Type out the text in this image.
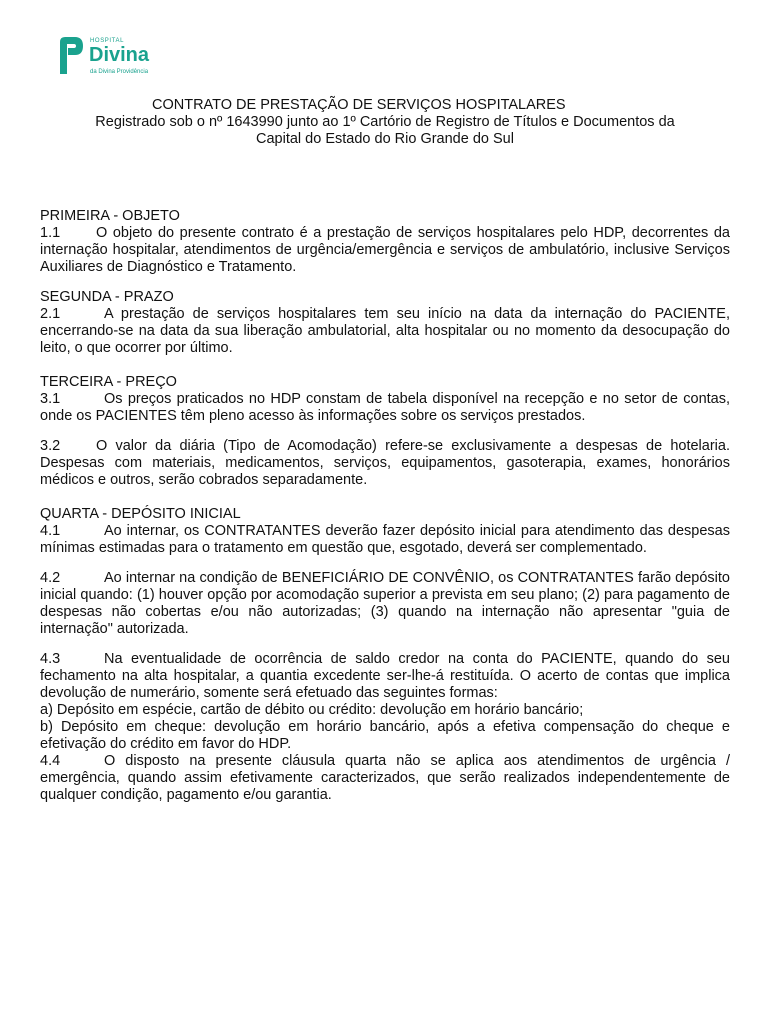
HOSPITAL
Divina
da Divina Providência
CONTRATO DE PRESTAÇÃO DE SERVIÇOS HOSPITALARES
Registrado sob o nº 1643990 junto ao 1º Cartório de Registro de Títulos e Documentos da
Capital do Estado do Rio Grande do Sul
PRIMEIRA - OBJETO

1.1 O objeto do presente contrato é a prestação de serviços hospitalares pelo HDP, decorrentes da internação hospitalar, atendimentos de urgência/emergência e serviços de ambulatório, inclusive Serviços Auxiliares de Diagnóstico e Tratamento.

SEGUNDA - PRAZO

2.1	A prestação de serviços hospitalares tem seu início na data da internação do PACIENTE, encerrando-se na data da sua liberação ambulatorial, alta hospitalar ou no momento da desocupação do leito, o que ocorrer por último.

TERCEIRA - PREÇO

3.1	Os preços praticados no HDP constam de tabela disponível na recepção e no setor de contas, onde os PACIENTES têm pleno acesso às informações sobre os serviços prestados.

3.2 O valor da diária (Tipo de Acomodação) refere-se exclusivamente a despesas de hotelaria. Despesas com materiais, medicamentos, serviços, equipamentos, gasoterapia, exames, honorários médicos e outros, serão cobrados separadamente.

QUARTA - DEPÓSITO INICIAL

4.1	Ao internar, os CONTRATANTES deverão fazer depósito inicial para atendimento das despesas mínimas estimadas para o tratamento em questão que, esgotado, deverá ser complementado.

4.2	Ao internar na condição de BENEFICIÁRIO DE CONVÊNIO, os CONTRATANTES farão depósito inicial quando: (1) houver opção por acomodação superior a prevista em seu plano; (2) para pagamento de despesas não cobertas e/ou não autorizadas; (3) quando na internação não apresentar "guia de internação" autorizada.

4.3	Na eventualidade de ocorrência de saldo credor na conta do PACIENTE, quando do seu fechamento na alta hospitalar, a quantia excedente ser-lhe-á restituída. O acerto de contas que implica devolução de numerário, somente será efetuado das seguintes formas:

a) Depósito em espécie, cartão de débito ou crédito: devolução em horário bancário;

b) Depósito em cheque: devolução em horário bancário, após a efetiva compensação do cheque e efetivação do crédito em favor do HDP.

4.4	O disposto na presente cláusula quarta não se aplica aos atendimentos de urgência / emergência, quando assim efetivamente caracterizados, que serão realizados independentemente de qualquer condição, pagamento e/ou garantia.
